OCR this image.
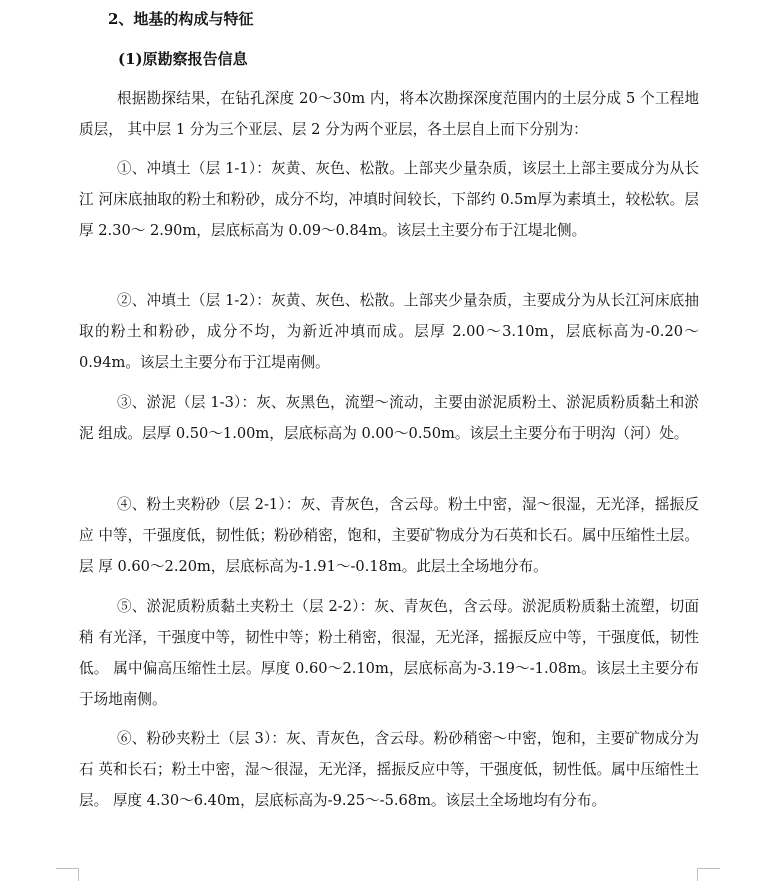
2、地基的构成与特征
(1)原勘察报告信息

根据勘探结果，在钻孔深度 20～30m 内，将本次勘探深度范围内的土层分成 5 个工程地质层， 其中层 1 分为三个亚层、层 2 分为两个亚层，各土层自上而下分别为：

①、冲填土（层 1-1）：灰黄、灰色、松散。上部夹少量杂质，该层土上部主要成分为从长江 河床底抽取的粉土和粉砂，成分不均，冲填时间较长，下部约 0.5m厚为素填土，较松软。层厚 2.30～ 2.90m，层底标高为 0.09～0.84m。该层土主要分布于江堤北侧。

②、冲填土（层 1-2）：灰黄、灰色、松散。上部夹少量杂质，主要成分为从长江河床底抽取的粉土和粉砂，成分不均，为新近冲填而成。层厚 2.00～3.10m，层底标高为-0.20～0.94m。该层土主要分布于江堤南侧。

③、淤泥（层 1-3）：灰、灰黑色，流塑～流动，主要由淤泥质粉土、淤泥质粉质黏土和淤泥 组成。层厚 0.50～1.00m，层底标高为 0.00～0.50m。该层土主要分布于明沟（河）处。

④、粉土夹粉砂（层 2-1）：灰、青灰色，含云母。粉土中密，湿～很湿，无光泽，摇振反应 中等，干强度低，韧性低；粉砂稍密，饱和，主要矿物成分为石英和长石。属中压缩性土层。层 厚 0.60～2.20m，层底标高为-1.91～-0.18m。此层土全场地分布。

⑤、淤泥质粉质黏土夹粉土（层 2-2）：灰、青灰色，含云母。淤泥质粉质黏土流塑，切面稍 有光泽，干强度中等，韧性中等；粉土稍密，很湿，无光泽，摇振反应中等，干强度低，韧性低。 属中偏高压缩性土层。厚度 0.60～2.10m，层底标高为-3.19～-1.08m。该层土主要分布于场地南侧。

⑥、粉砂夹粉土（层 3）：灰、青灰色，含云母。粉砂稍密～中密，饱和，主要矿物成分为石 英和长石；粉土中密，湿～很湿，无光泽，摇振反应中等，干强度低，韧性低。属中压缩性土层。 厚度 4.30～6.40m，层底标高为-9.25～-5.68m。该层土全场地均有分布。
